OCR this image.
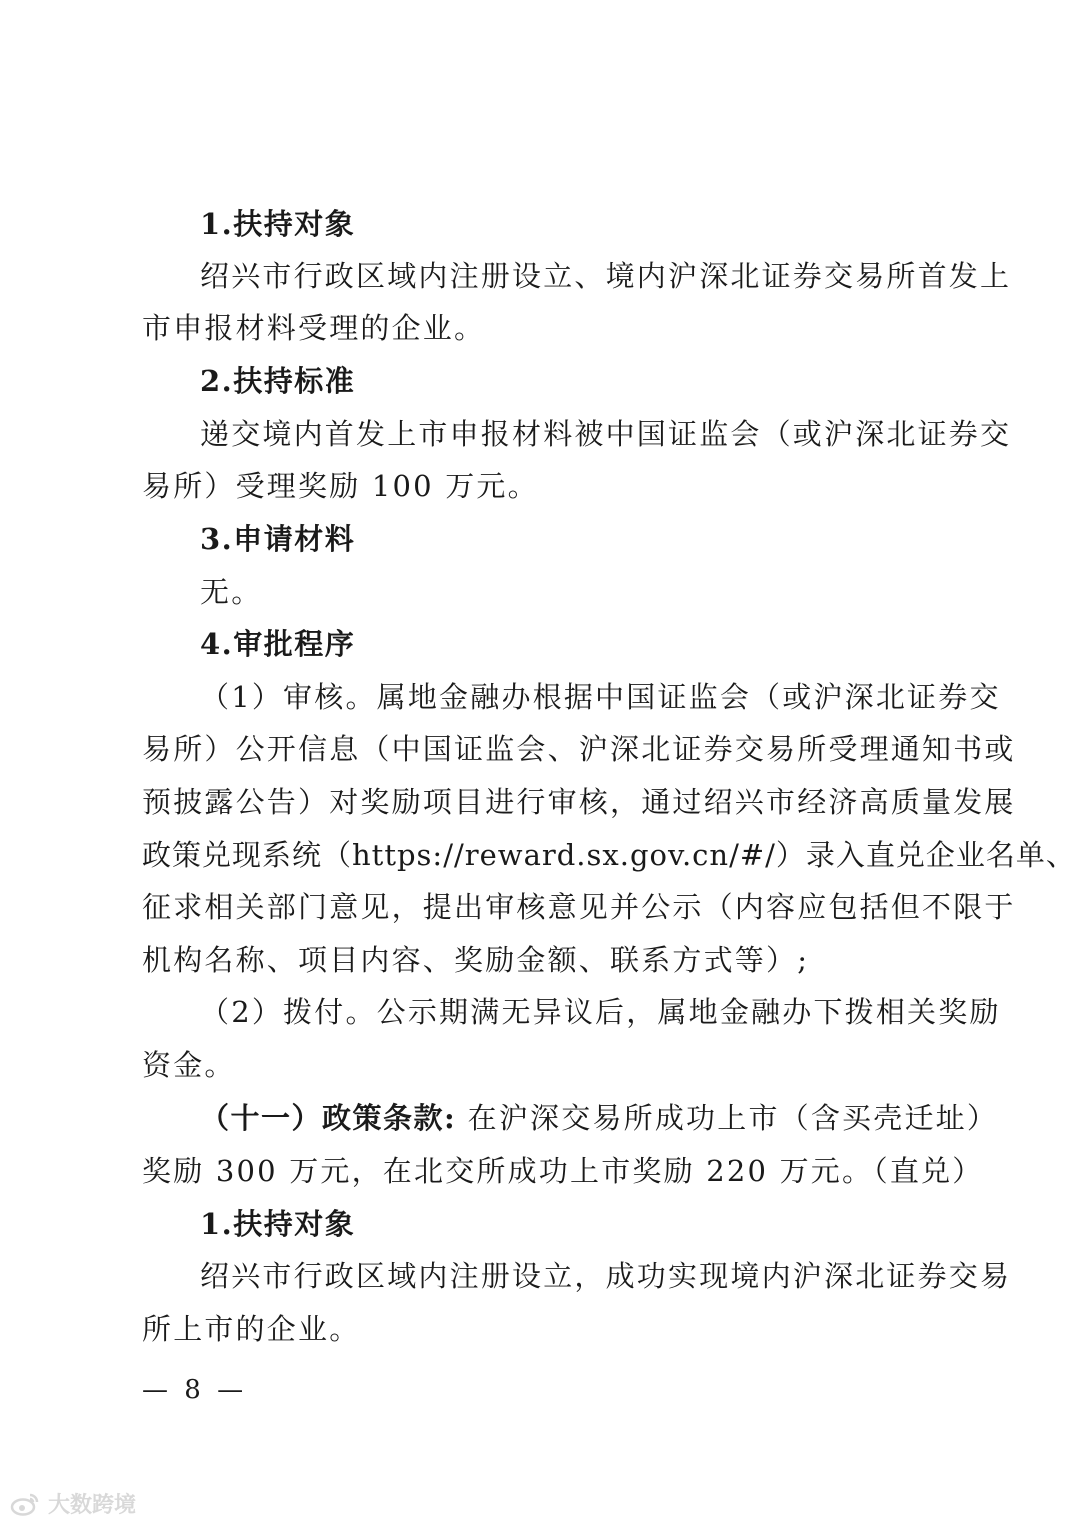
1.扶持对象
绍兴市行政区域内注册设立、境内沪深北证券交易所首发上
市申报材料受理的企业。
2.扶持标准
递交境内首发上市申报材料被中国证监会（或沪深北证券交
易所）受理奖励 100 万元。
3.申请材料
无。
4.审批程序
（1）审核。属地金融办根据中国证监会（或沪深北证券交
易所）公开信息（中国证监会、沪深北证券交易所受理通知书或
预披露公告）对奖励项目进行审核，通过绍兴市经济高质量发展
政策兑现系统（https://reward.sx.gov.cn/#/）录入直兑企业名单、
征求相关部门意见，提出审核意见并公示（内容应包括但不限于
机构名称、项目内容、奖励金额、联系方式等）;
（2）拨付。公示期满无异议后，属地金融办下拨相关奖励
资金。
（十一）政策条款: 在沪深交易所成功上市（含买壳迁址）
奖励 300 万元，在北交所成功上市奖励 220 万元。（直兑）
1.扶持对象
绍兴市行政区域内注册设立，成功实现境内沪深北证券交易
所上市的企业。
— 8 —
大数跨境
